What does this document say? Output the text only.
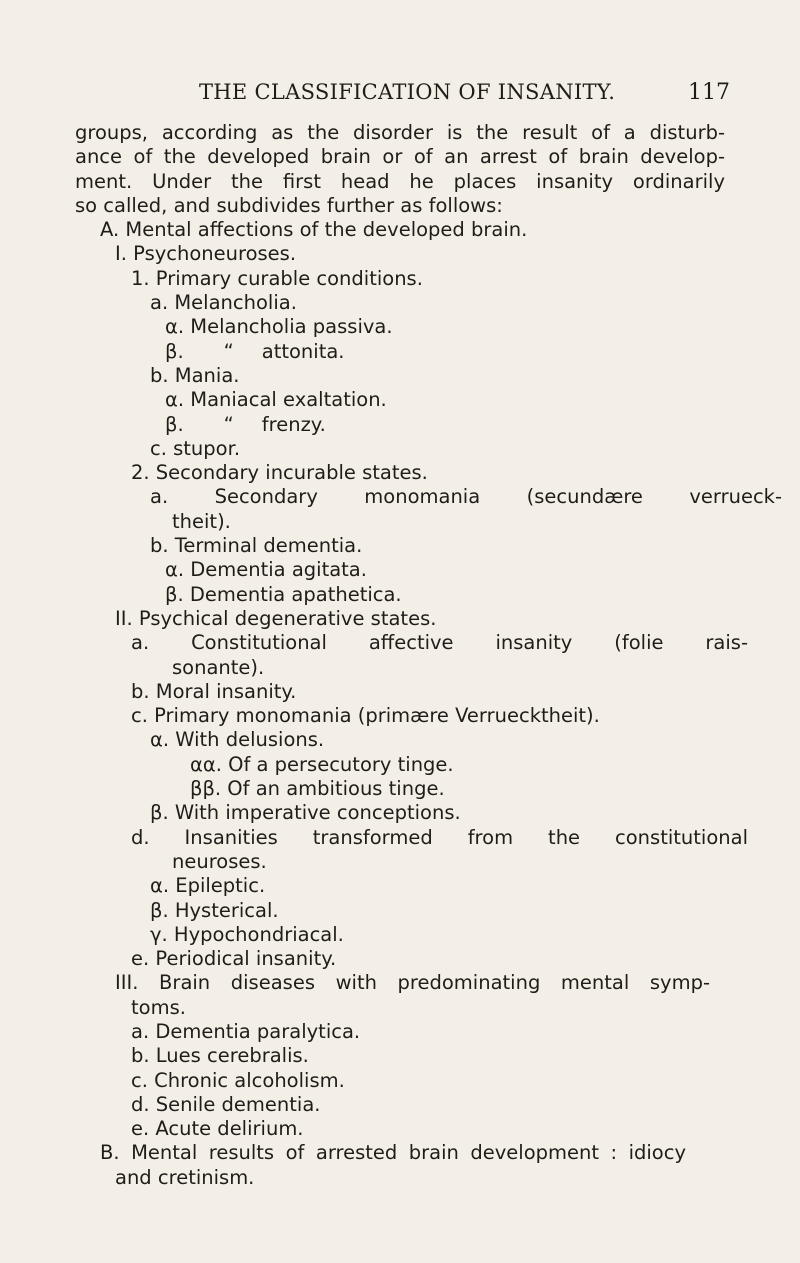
THE CLASSIFICATION OF INSANITY.	117
groups, according as the disorder is the result of a disturb-
ance of the developed brain or of an arrest of brain develop-
ment. Under the first head he places insanity ordinarily
so called, and subdivides further as follows:
A. Mental affections of the developed brain.
I. Psychoneuroses.
1. Primary curable conditions.
a. Melancholia.
α. Melancholia passiva.
β. “ attonita.
b. Mania.
α. Maniacal exaltation.
β. “ frenzy.
c. stupor.
2. Secondary incurable states.
a. Secondary monomania (secundære verrueck-
theit).
b. Terminal dementia.
α. Dementia agitata.
β. Dementia apathetica.
II. Psychical degenerative states.
a. Constitutional affective insanity (folie rais-
sonante).
b. Moral insanity.
c. Primary monomania (primære Verruecktheit).
α. With delusions.
αα. Of a persecutory tinge.
ββ. Of an ambitious tinge.
β. With imperative conceptions.
d. Insanities transformed from the constitutional
neuroses.
α. Epileptic.
β. Hysterical.
γ. Hypochondriacal.
e. Periodical insanity.
III. Brain diseases with predominating mental symp-
toms.
a. Dementia paralytica.
b. Lues cerebralis.
c. Chronic alcoholism.
d. Senile dementia.
e. Acute delirium.
B. Mental results of arrested brain development : idiocy
and cretinism.
